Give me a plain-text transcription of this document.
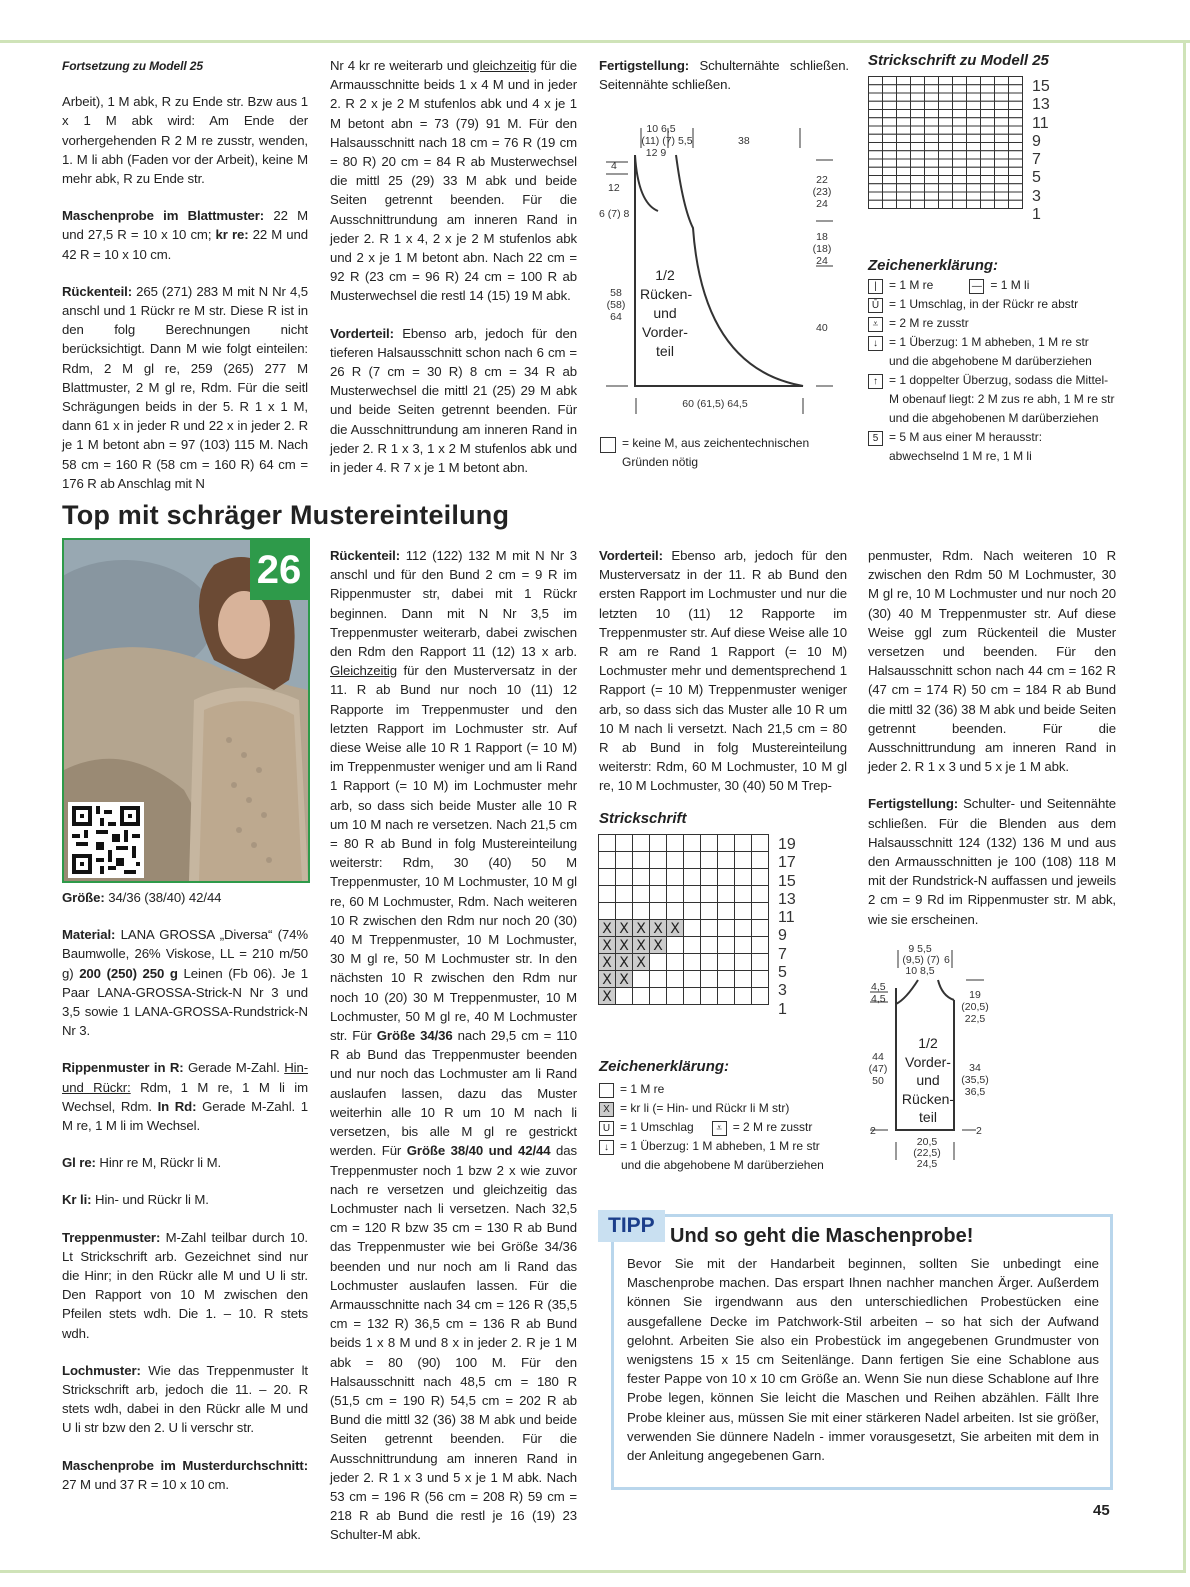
Fortsetzung zu Modell 25

Arbeit), 1 M abk, R zu Ende str. Bzw aus 1 x 1 M abk wird: Am Ende der vorhergehenden R 2 M re zusstr, wenden, 1. M li abh (Faden vor der Arbeit), keine M mehr abk, R zu Ende str.

Maschenprobe im Blattmuster: 22 M und 27,5 R = 10 x 10 cm; kr re: 22 M und 42 R = 10 x 10 cm.

Rückenteil: 265 (271) 283 M mit N Nr 4,5 anschl und 1 Rückr re M str. Diese R ist in den folg Berechnungen nicht berücksichtigt. Dann M wie folgt einteilen: Rdm, 2 M gl re, 259 (265) 277 M Blattmuster, 2 M gl re, Rdm. Für die seitl Schrägungen beids in der 5. R 1 x 1 M, dann 61 x in jeder R und 22 x in jeder 2. R je 1 M betont abn = 97 (103) 115 M. Nach 58 cm = 160 R (58 cm = 160 R) 64 cm = 176 R ab Anschlag mit N

Nr 4 kr re weiterarb und gleichzeitig für die Armausschnitte beids 1 x 4 M und in jeder 2. R 2 x je 2 M stufenlos abk und 4 x je 1 M betont abn = 73 (79) 91 M. Für den Halsausschnitt nach 18 cm = 76 R (19 cm = 80 R) 20 cm = 84 R ab Musterwechsel die mittl 25 (29) 33 M abk und beide Seiten getrennt beenden. Für die Ausschnittrundung am inneren Rand in jeder 2. R 1 x 4, 2 x je 2 M stufenlos abk und 2 x je 1 M betont abn. Nach 22 cm = 92 R (23 cm = 96 R) 24 cm = 100 R ab Musterwechsel die restl 14 (15) 19 M abk.

Vorderteil: Ebenso arb, jedoch für den tieferen Halsausschnitt schon nach 6 cm = 26 R (7 cm = 30 R) 8 cm = 34 R ab Musterwechsel die mittl 21 (25) 29 M abk und beide Seiten getrennt beenden. Für die Ausschnittrundung am inneren Rand in jeder 2. R 1 x 3, 1 x 2 M stufenlos abk und in jeder 4. R 7 x je 1 M betont abn.

Fertigstellung: Schulternähte schließen. Seitennähte schließen.

10 6,5
(11) (7) 5,5
12 9
38
4
12
6 (7) 8
22
(23)
24
18
(18)
24
58
(58)
64
40
1/2
Rücken-
und
Vorder-
teil
60 (61,5) 64,5
= keine M, aus zeichentechnischen Gründen nötig
Strickschrift zu Modell 25
15
13
11
9
7
5
3
1
Zeichenerklärung:
|	= 1 M re	— = 1 M li
Ū = 1 Umschlag, in der Rückr re abstr
⩡ = 2 M re zusstr
↓ = 1 Überzug: 1 M abheben, 1 M re str
und die abgehobene M darüberziehen
↑ = 1 doppelter Überzug, sodass die Mittel-
M obenauf liegt: 2 M zus re abh, 1 M re str
und die abgehobenen M darüberziehen
5 = 5 M aus einer M herausstr:
abwechselnd 1 M re, 1 M li
Top mit schräger Mustereinteilung
26

Größe: 34/36 (38/40) 42/44

Material: LANA GROSSA „Diversa“ (74% Baumwolle, 26% Viskose, LL = 210 m/50 g) 200 (250) 250 g Leinen (Fb 06). Je 1 Paar LANA-GROSSA-Strick-N Nr 3 und 3,5 sowie 1 LANA-GROSSA-Rundstrick-N Nr 3.

Rippenmuster in R: Gerade M-Zahl. Hin- und Rückr: Rdm, 1 M re, 1 M li im Wechsel, Rdm. In Rd: Gerade M-Zahl. 1 M re, 1 M li im Wechsel.

Gl re: Hinr re M, Rückr li M.

Kr li: Hin- und Rückr li M.

Treppenmuster: M-Zahl teilbar durch 10. Lt Strickschrift arb. Gezeichnet sind nur die Hinr; in den Rückr alle M und U li str. Den Rapport von 10 M zwischen den Pfeilen stets wdh. Die 1. – 10. R stets wdh.

Lochmuster: Wie das Treppenmuster lt Strickschrift arb, jedoch die 11. – 20. R stets wdh, dabei in den Rückr alle M und U li str bzw den 2. U li verschr str.

Maschenprobe im Musterdurchschnitt: 27 M und 37 R = 10 x 10 cm.

Rückenteil: 112 (122) 132 M mit N Nr 3 anschl und für den Bund 2 cm = 9 R im Rippenmuster str, dabei mit 1 Rückr beginnen. Dann mit N Nr 3,5 im Treppenmuster weiterarb, dabei zwischen den Rdm den Rapport 11 (12) 13 x arb. Gleichzeitig für den Musterversatz in der 11. R ab Bund nur noch 10 (11) 12 Rapporte im Treppenmuster und den letzten Rapport im Lochmuster str. Auf diese Weise alle 10 R 1 Rapport (= 10 M) im Treppenmuster weniger und am li Rand 1 Rapport (= 10 M) im Lochmuster mehr arb, so dass sich beide Muster alle 10 R um 10 M nach re versetzen. Nach 21,5 cm = 80 R ab Bund in folg Mustereinteilung weiterstr: Rdm, 30 (40) 50 M Treppenmuster, 10 M Lochmuster, 10 M gl re, 60 M Lochmuster, Rdm. Nach weiteren 10 R zwischen den Rdm nur noch 20 (30) 40 M Treppenmuster, 10 M Lochmuster, 30 M gl re, 50 M Lochmuster str. In den nächsten 10 R zwischen den Rdm nur noch 10 (20) 30 M Treppenmuster, 10 M Lochmuster, 50 M gl re, 40 M Lochmuster str. Für Größe 34/36 nach 29,5 cm = 110 R ab Bund das Treppenmuster beenden und nur noch das Lochmuster am li Rand auslaufen lassen, dazu das Muster weiterhin alle 10 R um 10 M nach li versetzen, bis alle M gl re gestrickt werden. Für Größe 38/40 und 42/44 das Treppenmuster noch 1 bzw 2 x wie zuvor nach re versetzen und gleichzeitig das Lochmuster nach li versetzen. Nach 32,5 cm = 120 R bzw 35 cm = 130 R ab Bund das Treppenmuster wie bei Größe 34/36 beenden und nur noch am li Rand das Lochmuster auslaufen lassen. Für die Armausschnitte nach 34 cm = 126 R (35,5 cm = 132 R) 36,5 cm = 136 R ab Bund beids 1 x 8 M und 8 x in jeder 2. R je 1 M abk = 80 (90) 100 M. Für den Halsausschnitt nach 48,5 cm = 180 R (51,5 cm = 190 R) 54,5 cm = 202 R ab Bund die mittl 32 (36) 38 M abk und beide Seiten getrennt beenden. Für die Ausschnittrundung am inneren Rand in jeder 2. R 1 x 3 und 5 x je 1 M abk. Nach 53 cm = 196 R (56 cm = 208 R) 59 cm = 218 R ab Bund die restl je 16 (19) 23 Schulter-M abk.

Vorderteil: Ebenso arb, jedoch für den Musterversatz in der 11. R ab Bund den ersten Rapport im Lochmuster und nur die letzten 10 (11) 12 Rapporte im Treppenmuster str. Auf diese Weise alle 10 R am re Rand 1 Rapport (= 10 M) Lochmuster mehr und dementsprechend 1 Rapport (= 10 M) Treppenmuster weniger arb, so dass sich das Muster alle 10 R um 10 M nach li versetzt. Nach 21,5 cm = 80 R ab Bund in folg Mustereinteilung weiterstr: Rdm, 60 M Lochmuster, 10 M gl re, 10 M Lochmuster, 30 (40) 50 M Trep-

Strickschrift
X X X X X
X X X X
X X X
X X
X
19
17
15
13
11
9
7
5
3
1
Zeichenerklärung:
= 1 M re
X = kr li (= Hin- und Rückr li M str)
U = 1 Umschlag	⩡ = 2 M re zusstr
↓ = 1 Überzug: 1 M abheben, 1 M re str
und die abgehobene M darüberziehen

penmuster, Rdm. Nach weiteren 10 R zwischen den Rdm 50 M Lochmuster, 30 M gl re, 10 M Lochmuster und nur noch 20 (30) 40 M Treppenmuster str. Auf diese Weise ggl zum Rückenteil die Muster versetzen und beenden. Für den Halsausschnitt schon nach 44 cm = 162 R (47 cm = 174 R) 50 cm = 184 R ab Bund die mittl 32 (36) 38 M abk und beide Seiten getrennt beenden. Für die Ausschnittrundung am inneren Rand in jeder 2. R 1 x 3 und 5 x je 1 M abk.

Fertigstellung: Schulter- und Seitennähte schließen. Für die Blenden aus dem Halsausschnitt 124 (132) 136 M und aus den Armausschnitten je 100 (108) 118 M mit der Rundstrick-N auffassen und jeweils 2 cm = 9 Rd im Rippenmuster str. M abk, wie sie erscheinen.

9 5,5
(9,5) (7)
10 8,5
6
4,5
4,5	19
(20,5)
22,5
44
(47)
50
34
(35,5)
36,5
2	2
1/2
Vorder-
und
Rücken-
teil
20,5
(22,5)
24,5
TIPP Und so geht die Maschenprobe!
Bevor Sie mit der Handarbeit beginnen, sollten Sie unbedingt eine Maschenprobe machen. Das erspart Ihnen nachher manchen Ärger. Außerdem können Sie irgendwann aus den unterschiedlichen Probestücken eine ausgefallene Decke im Patchwork-Stil arbeiten – so hat sich der Aufwand gelohnt. Arbeiten Sie also ein Probestück im angegebenen Grundmuster von wenigstens 15 x 15 cm Seitenlänge. Dann fertigen Sie eine Schablone aus fester Pappe von 10 x 10 cm Größe an. Wenn Sie nun diese Schablone auf Ihre Probe legen, können Sie leicht die Maschen und Reihen abzählen. Fällt Ihre Probe kleiner aus, müssen Sie mit einer stärkeren Nadel arbeiten. Ist sie größer, verwenden Sie dünnere Nadeln - immer vorausgesetzt, Sie arbeiten mit dem in der Anleitung angegebenen Garn.
45
